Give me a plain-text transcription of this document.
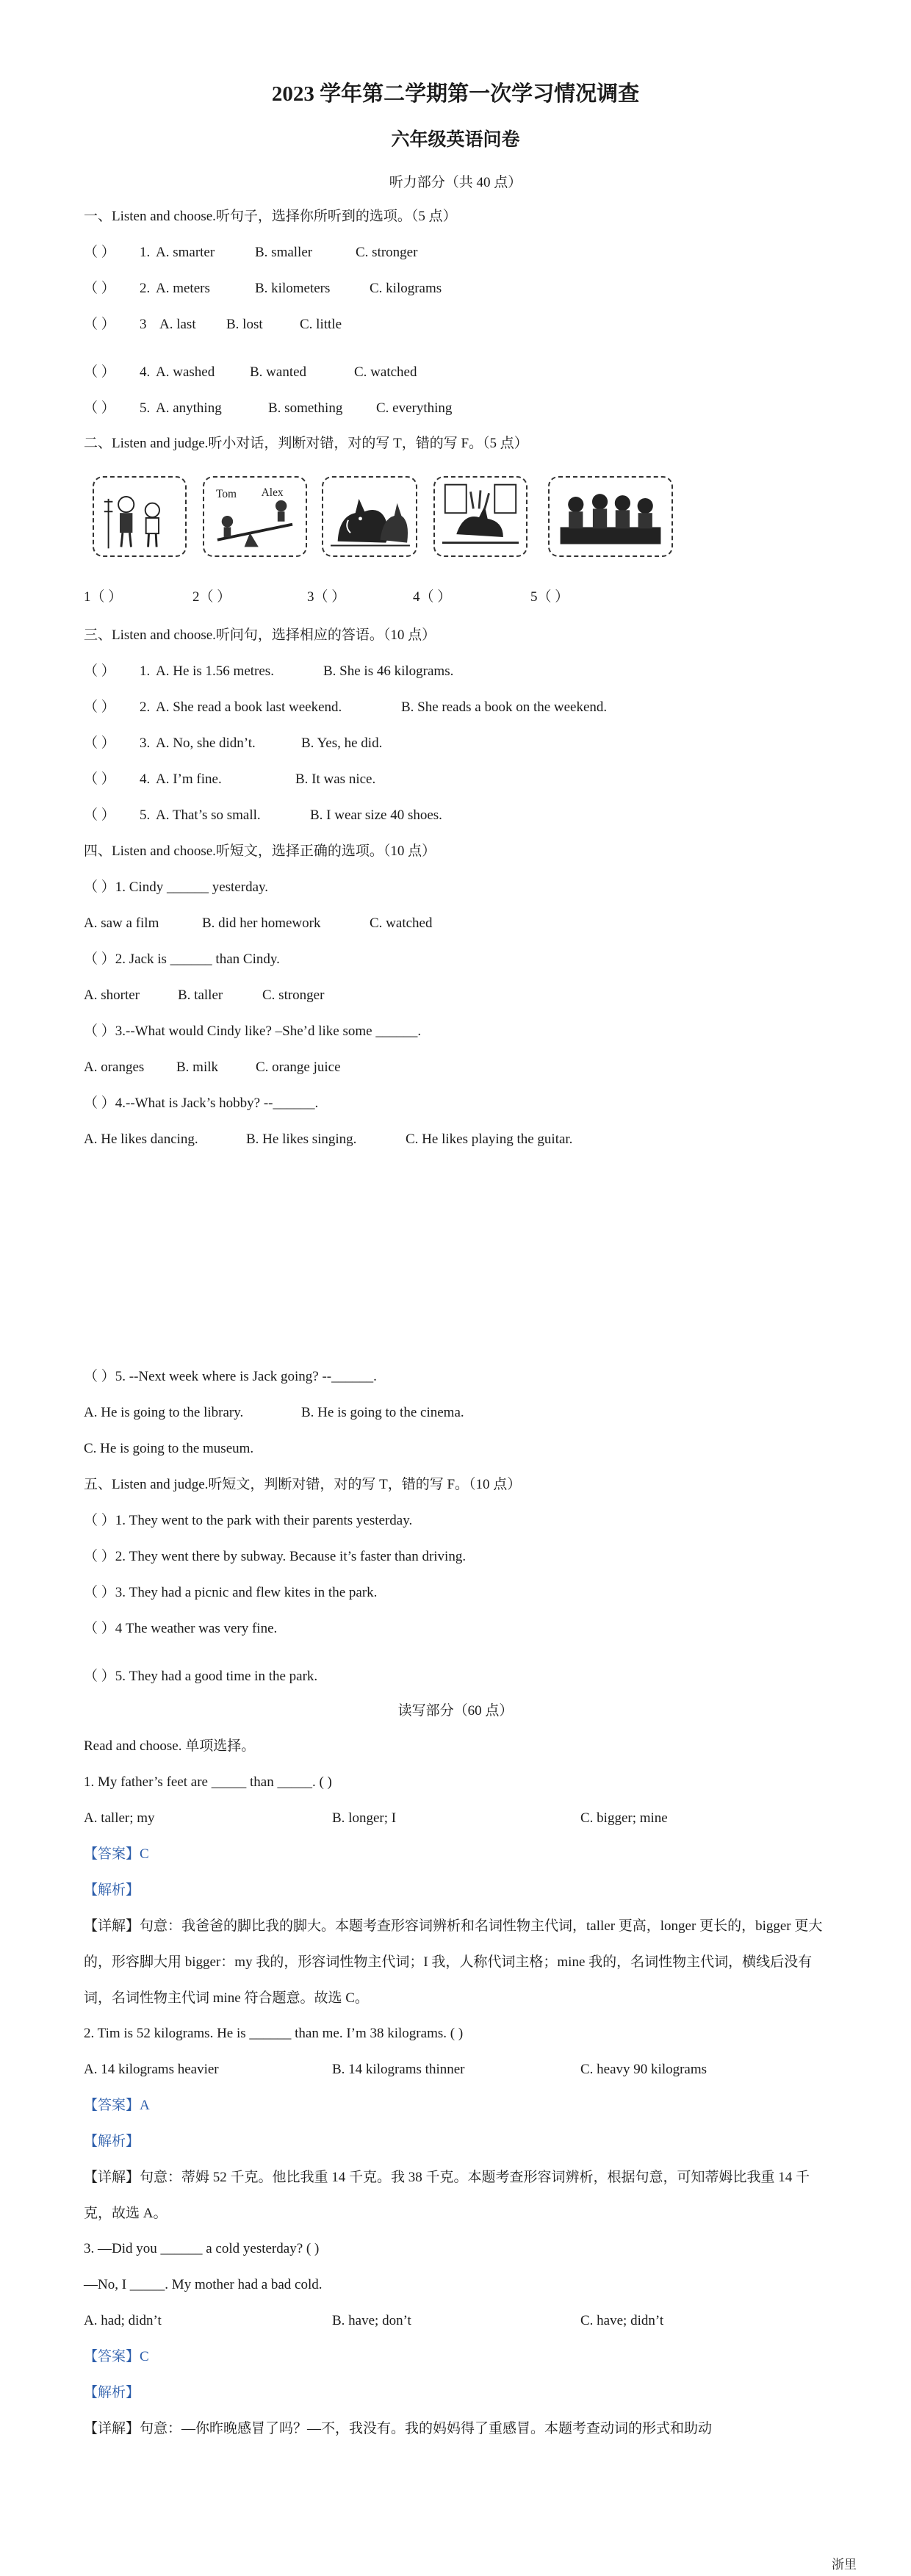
2023 学年第二学期第一次学习情况调查
六年级英语问卷
听力部分（共 40 点）
一、Listen and choose.听句子，选择你所听到的选项。（5 点）
（ ） 1. A. smarter	B. smaller	C. stronger
（ ） 2. A. meters	B. kilometers	C. kilograms
（ ） 3 A. last B. lost	C. little
（ ） 4. A. washed	B. wanted	C. watched
（ ） 5. A. anything	B. something C. everything
二、Listen and judge.听小对话，判断对错，对的写 T，错的写 F。（5 点）
Tom Alex
1（ ）	2（ ）	3（ ）	4（ ）	5（ ）
三、Listen and choose.听问句，选择相应的答语。（10 点）
（ ） 1. A. He is 1.56 metres.	B. She is 46 kilograms.
（ ） 2. A. She read a book last weekend.	B. She reads a book on the weekend.
（ ） 3. A. No, she didn’t.	B. Yes, he did.
（ ） 4. A. I’m fine.	B. It was nice.
（ ） 5. A. That’s so small.	B. I wear size 40 shoes.
四、Listen and choose.听短文，选择正确的选项。（10 点）
（ ）1. Cindy ______ yesterday.
A. saw a film	B. did her homework	C. watched
（ ）2. Jack is ______ than Cindy.
A. shorter	B. taller	C. stronger
（ ）3.--What would Cindy like? –She’d like some ______.
A. oranges B. milk	C. orange juice
（ ）4.--What is Jack’s hobby? --______.
A. He likes dancing.	B. He likes singing.	C. He likes playing the guitar.
（ ）5. --Next week where is Jack going? --______.
A. He is going to the library.	B. He is going to the cinema.
C. He is going to the museum.
五、Listen and judge.听短文，判断对错，对的写 T，错的写 F。（10 点）
（ ）1. They went to the park with their parents yesterday.
（ ）2. They went there by subway. Because it’s faster than driving.
（ ）3. They had a picnic and flew kites in the park.
（ ）4 The weather was very fine.
（ ）5. They had a good time in the park.
读写部分（60 点）
Read and choose. 单项选择。
1. My father’s feet are _____ than _____. ( )
A. taller; my	B. longer; I	C. bigger; mine
【答案】C
【解析】
【详解】句意：我爸爸的脚比我的脚大。本题考查形容词辨析和名词性物主代词，taller 更高，longer 更长的，bigger 更大的，形容脚大用 bigger：my 我的，形容词性物主代词；I 我，人称代词主格；mine 我的，名词性物主代词，横线后没有词，名词性物主代词 mine 符合题意。故选 C。
2. Tim is 52 kilograms. He is ______ than me. I’m 38 kilograms. ( )
A. 14 kilograms heavier	B. 14 kilograms thinner	C. heavy 90 kilograms
【答案】A
【解析】
【详解】句意：蒂姆 52 千克。他比我重 14 千克。我 38 千克。本题考查形容词辨析，根据句意，可知蒂姆比我重 14 千克，故选 A。
3. —Did you ______ a cold yesterday? ( )
—No, I _____. My mother had a bad cold.
A. had; didn’t	B. have; don’t	C. have; didn’t
【答案】C
【解析】
【详解】句意：—你昨晚感冒了吗？—不，我没有。我的妈妈得了重感冒。本题考查动词的形式和助动
浙里
